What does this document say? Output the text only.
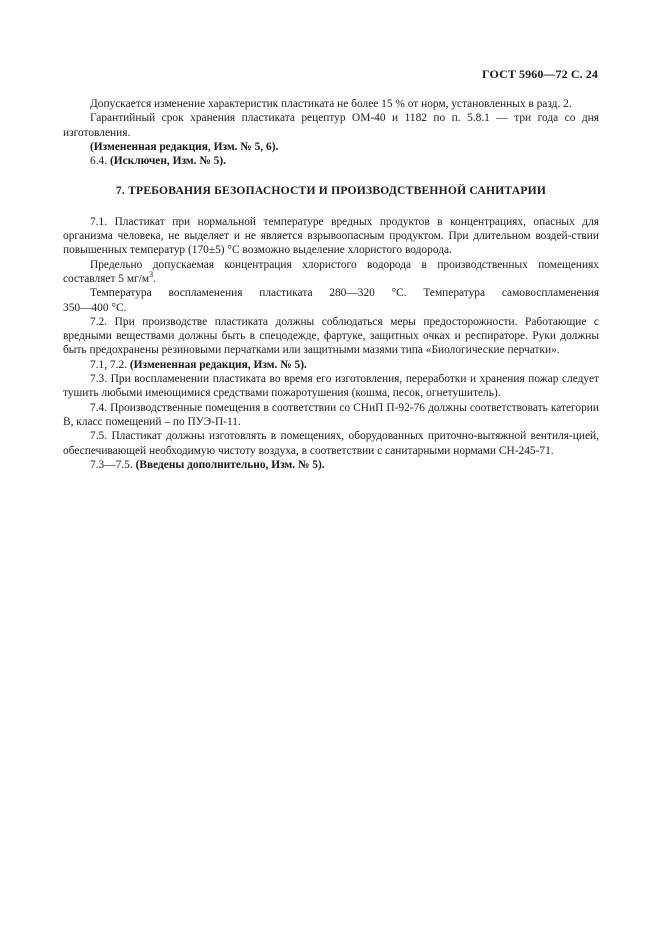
ГОСТ 5960—72 С. 24

Допускается изменение характеристик пластиката не более 15 % от норм, установленных в разд. 2.

Гарантийный срок хранения пластиката рецептур ОМ-40 и 1182 по п. 5.8.1 — три года со дня

изготовления.

(Измененная редакция, Изм. № 5, 6).

6.4. (Исключен, Изм. № 5).

7. ТРЕБОВАНИЯ БЕЗОПАСНОСТИ И ПРОИЗВОДСТВЕННОЙ САНИТАРИИ

7.1. Пластикат при нормальной температуре вредных продуктов в концентрациях, опасных для организма человека, не выделяет и не является взрывоопасным продуктом. При длительном воздей-ствии повышенных температур (170±5) °С возможно выделение хлористого водорода.

Предельно допускаемая концентрация хлористого водорода в производственных помещениях составляет 5 $мг/м^3$.

Температура воспламенения пластиката 280—320 °С. Температура самовоспламенения

350—400 °С.

7.2. При производстве пластиката должны соблюдаться меры предосторожности. Работающие с вредными веществами должны быть в спецодежде, фартуке, защитных очках и респираторе. Руки должны быть предохранены резиновыми перчатками или защитными мазями типа «Биологические перчатки».

7.1, 7.2. (Измененная редакция, Изм. № 5).

7.3. При воспламенении пластиката во время его изготовления, переработки и хранения пожар следует тушить любыми имеющимися средствами пожаротушения (кошма, песок, огнетушитель).

7.4. Производственные помещения в соответствии со СНиП П-92-76 должны соответствовать категории В, класс помещений – по ПУЭ-П-11.

7.5. Пластикат должны изготовлять в помещениях, оборудованных приточно-вытяжной вентиля-цией, обеспечивающей необходимую чистоту воздуха, в соответствии с санитарными нормами СН-245-71.

7.3—7.5. (Введены дополнительно, Изм. № 5).
